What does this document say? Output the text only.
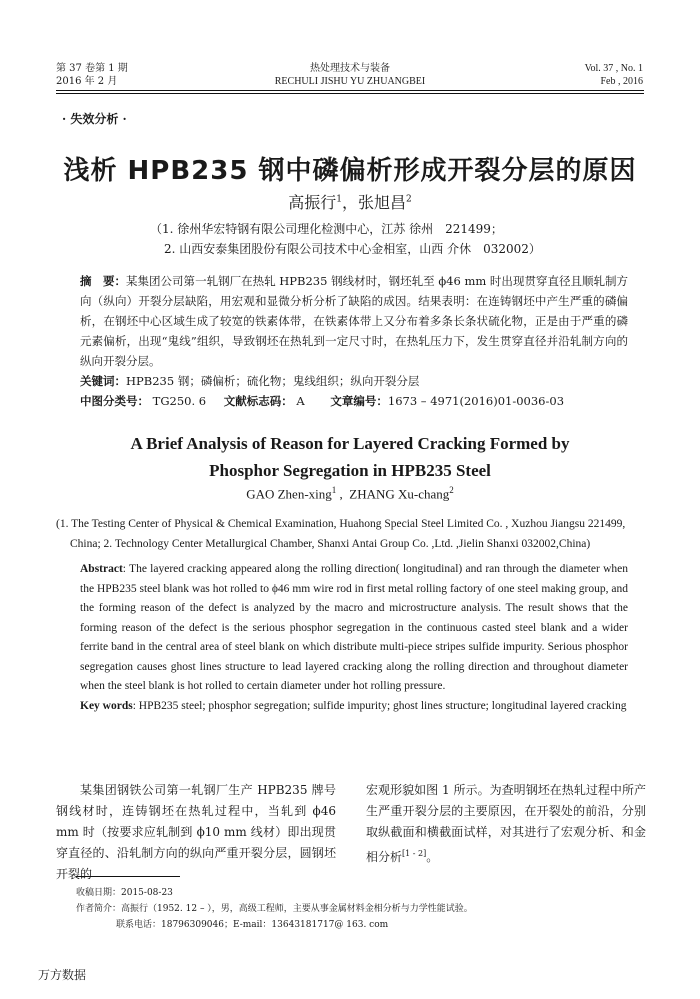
第 37 卷第 1 期
2016 年 2 月
热处理技术与装备
RECHULI JISHU YU ZHUANGBEI
Vol. 37 , No. 1
Feb , 2016
· 失效分析 ·
浅析 HPB235 钢中磷偏析形成开裂分层的原因
高振行$^1$，张旭昌$^2$
（1. 徐州华宏特钢有限公司理化检测中心，江苏 徐州　221499；
2. 山西安泰集团股份有限公司技术中心金相室，山西 介休　032002）
摘　要：某集团公司第一轧钢厂在热轧 HPB235 钢线材时，钢坯轧至 ϕ46 mm 时出现贯穿直径且顺轧制方向（纵向）开裂分层缺陷，用宏观和显微分析分析了缺陷的成因。结果表明：在连铸钢坯中产生严重的磷偏析，在钢坯中心区域生成了较宽的铁素体带，在铁素体带上又分布着多条长条状硫化物，正是由于严重的磷元素偏析，出现“鬼线”组织，导致钢坯在热轧到一定尺寸时，在热轧压力下，发生贯穿直径并沿轧制方向的纵向开裂分层。
关键词：HPB235 钢；磷偏析；硫化物；鬼线组织；纵向开裂分层
中图分类号： TG250. 6 文献标志码： A 文章编号：1673 – 4971(2016)01-0036-03
A Brief Analysis of Reason for Layered Cracking Formed by
Phosphor Segregation in HPB235 Steel
GAO Zhen-xing$^1$ ,  ZHANG Xu-chang$^2$
(1. The Testing Center of Physical & Chemical Examination, Huahong Special Steel Limited Co. , Xuzhou Jiangsu 221499,
China; 2. Technology Center Metallurgical Chamber, Shanxi Antai Group Co. ,Ltd. ,Jielin Shanxi 032002,China)
Abstract: The layered cracking appeared along the rolling direction( longitudinal) and ran through the diameter when the HPB235 steel blank was hot rolled to ϕ46 mm wire rod in first metal rolling factory of one steel making group, and the forming reason of the defect is analyzed by the macro and microstructure analysis. The result shows that the forming reason of the defect is the serious phosphor segregation in the continuous casted steel blank and a wider ferrite band in the central area of steel blank on which distribute multi-piece stripes sulfide impurity. Serious phosphor segregation causes ghost lines structure to lead layered cracking along the rolling direction and throughout diameter when the steel blank is hot rolled to certain diameter under hot rolling pressure.
Key words: HPB235 steel; phosphor segregation; sulfide impurity; ghost lines structure; longitudinal layered cracking
某集团钢铁公司第一轧钢厂生产 HPB235 牌号钢线材时，连铸钢坯在热轧过程中，当轧到 ϕ46 mm 时（按要求应轧制到 ϕ10 mm 线材）即出现贯穿直径的、沿轧制方向的纵向严重开裂分层，圆钢坯开裂的
宏观形貌如图 1 所示。为查明钢坯在热轧过程中所产生严重开裂分层的主要原因，在开裂处的前沿，分别取纵截面和横截面试样，对其进行了宏观分析、和金相分析[1 - 2]。
收稿日期：2015-08-23
作者简介：高振行（1952. 12 – ），男，高级工程师，主要从事金属材料金相分析与力学性能试验。
联系电话：18796309046；E-mail：13643181717@ 163. com
万方数据
